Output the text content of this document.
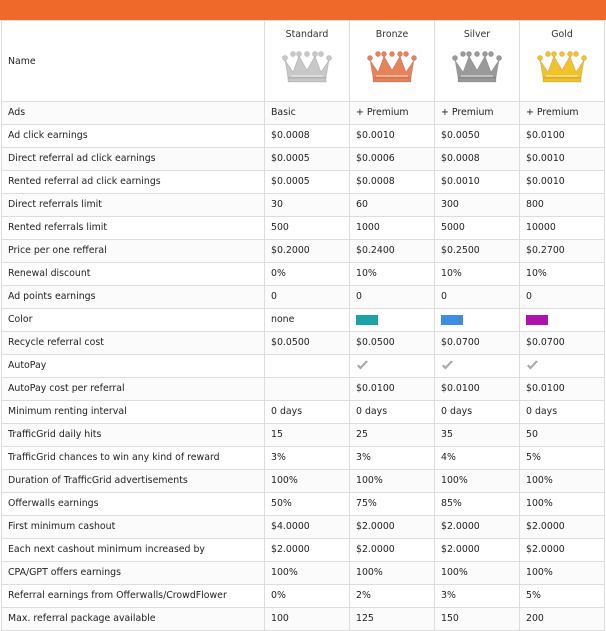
Name	Standard	Bronze	Silver	Gold

Ads	Basic	+ Premium	+ Premium	+ Premium
Ad click earnings	$0.0008	$0.0010	$0.0050	$0.0100
Direct referral ad click earnings	$0.0005	$0.0006	$0.0008	$0.0010
Rented referral ad click earnings	$0.0005	$0.0008	$0.0010	$0.0010
Direct referrals limit	30	60	300	800
Rented referrals limit	500	1000	5000	10000
Price per one refferal	$0.2000	$0.2400	$0.2500	$0.2700
Renewal discount	0%	10%	10%	10%
Ad points earnings	0	0	0	0
Color	none			
Recycle referral cost	$0.0500	$0.0500	$0.0700	$0.0700
AutoPay				
AutoPay cost per referral		$0.0100	$0.0100	$0.0100
Minimum renting interval	0 days	0 days	0 days	0 days
TrafficGrid daily hits	15	25	35	50
TrafficGrid chances to win any kind of reward	3%	3%	4%	5%
Duration of TrafficGrid advertisements	100%	100%	100%	100%
Offerwalls earnings	50%	75%	85%	100%
First minimum cashout	$4.0000	$2.0000	$2.0000	$2.0000
Each next cashout minimum increased by	$2.0000	$2.0000	$2.0000	$2.0000
CPA/GPT offers earnings	100%	100%	100%	100%
Referral earnings from Offerwalls/CrowdFlower	0%	2%	3%	5%
Max. referral package available	100	125	150	200
